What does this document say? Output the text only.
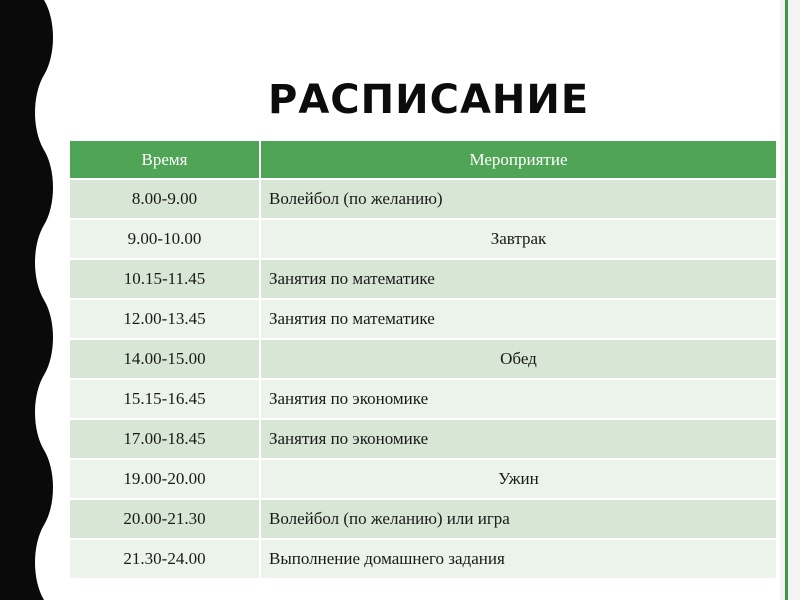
РАСПИСАНИЕ
Время	Мероприятие
8.00-9.00	Волейбол (по желанию)
9.00-10.00	Завтрак
10.15-11.45	Занятия по математике
12.00-13.45	Занятия по математике
14.00-15.00	Обед
15.15-16.45	Занятия по экономике
17.00-18.45	Занятия по экономике
19.00-20.00	Ужин
20.00-21.30	Волейбол (по желанию) или игра
21.30-24.00	Выполнение домашнего задания
